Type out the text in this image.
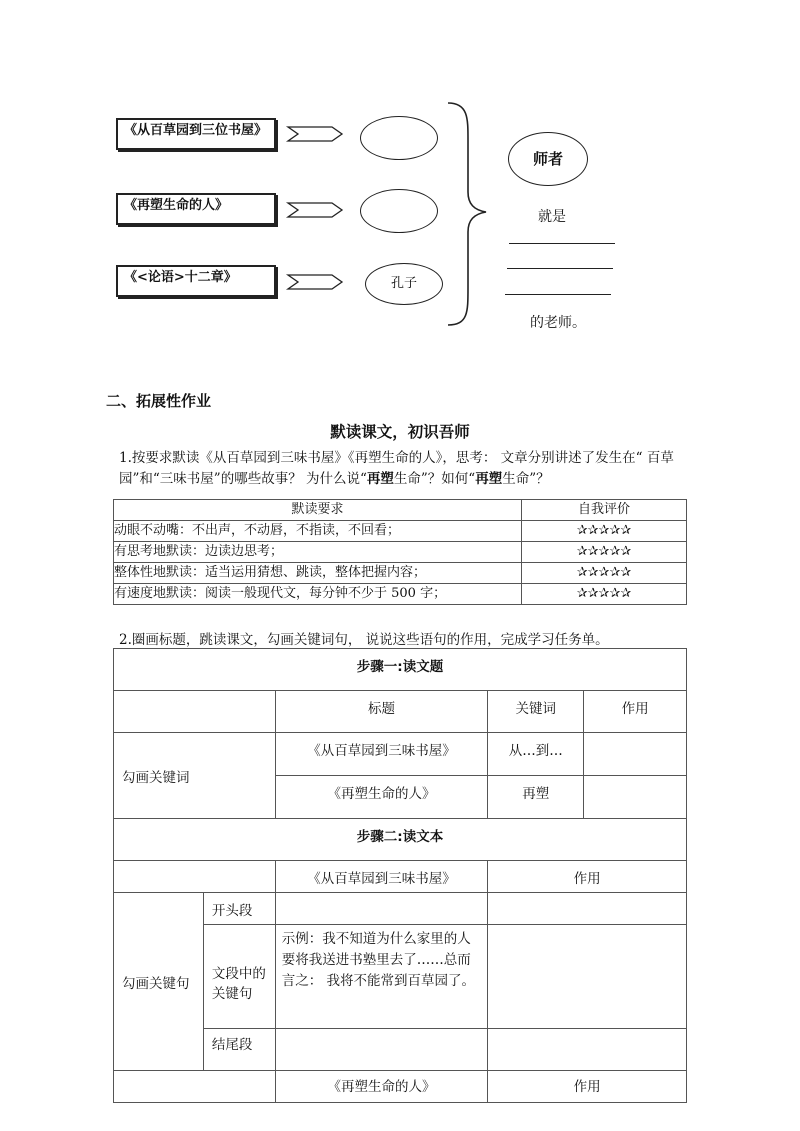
《从百草园到三位书屋》
《再塑生命的人》
《<论语>十二章》	孔子
师者
就是
的老师。
二、拓展性作业
默读课文，初识吾师
1.按要求默读《从百草园到三味书屋》《再塑生命的人》，思考： 文章分别讲述了发生在“ 百草
园”和“三味书屋”的哪些故事？ 为什么说“再塑生命”？如何“再塑生命”？
默读要求	自我评价
动眼不动嘴：不出声，不动唇，不指读，不回看；	✰✰✰✰✰
有思考地默读：边读边思考；	✰✰✰✰✰
整体性地默读：适当运用猜想、跳读，整体把握内容；	✰✰✰✰✰
有速度地默读：阅读一般现代文，每分钟不少于 500 字；	✰✰✰✰✰
2.圈画标题，跳读课文，勾画关键词句， 说说这些语句的作用，完成学习任务单。
步骤一:读文题				
		标题	关键词	作用
勾画关键词		《从百草园到三味书屋》	从…到…	
		《再塑生命的人》	再塑	
步骤二:读文本				
		《从百草园到三味书屋》	作用	
勾画关键句	开头段			
	文段中的关键句	示例：我不知道为什么家里的人要将我送进书塾里去了……总而言之： 我将不能常到百草园了。		
	结尾段			
		《再塑生命的人》	作用	
